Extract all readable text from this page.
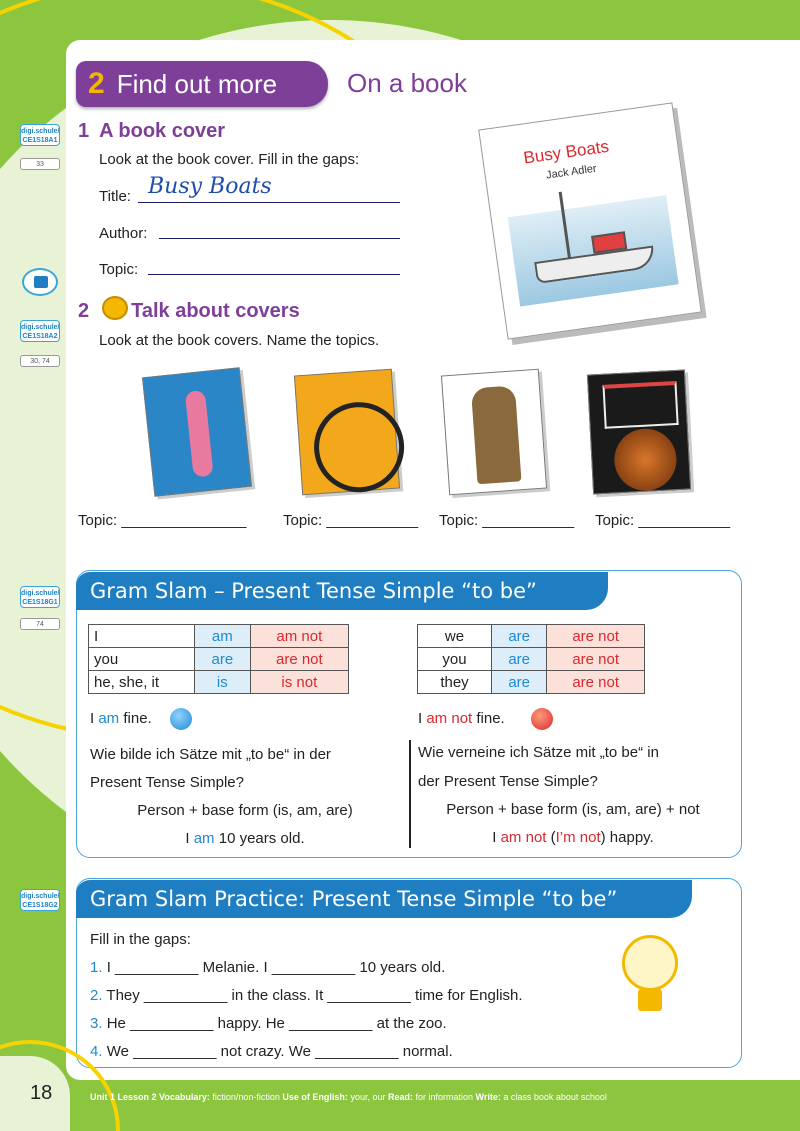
2 Find out more	On a book
digi.schule/ CE1S18A1
33
digi.schule/ CE1S18A2
30, 74
digi.schule/ CE1S18G1
74
digi.schule/ CE1S18G2
1 A book cover
Look at the book cover. Fill in the gaps:
Title: Busy Boats
Author:
Topic:
Busy Boats
Jack Adler
2 Talk about covers
Look at the book covers. Name the topics.
Topic: _______________ Topic: ___________ Topic: ___________ Topic: ___________
Gram Slam – Present Tense Simple “to be”
I	am	am not
you	are	are not
he, she, it	is	is not
we	are	are not
you	are	are not
they	are	are not
I am fine.	I am not fine.
Wie bilde ich Sätze mit „to be“ in der
Present Tense Simple?
Person + base form (is, am, are)
I am 10 years old.
Wie verneine ich Sätze mit „to be“ in
der Present Tense Simple?
Person + base form (is, am, are) + not
I am not (I’m not) happy.
Gram Slam Practice: Present Tense Simple “to be”
Fill in the gaps:
1. I __________ Melanie. I __________ 10 years old.
2. They __________ in the class. It __________ time for English.
3. He __________ happy. He __________ at the zoo.
4. We __________ not crazy. We __________ normal.
18	Unit 1 Lesson 2 Vocabulary: fiction/non-fiction Use of English: your, our Read: for information Write: a class book about school
